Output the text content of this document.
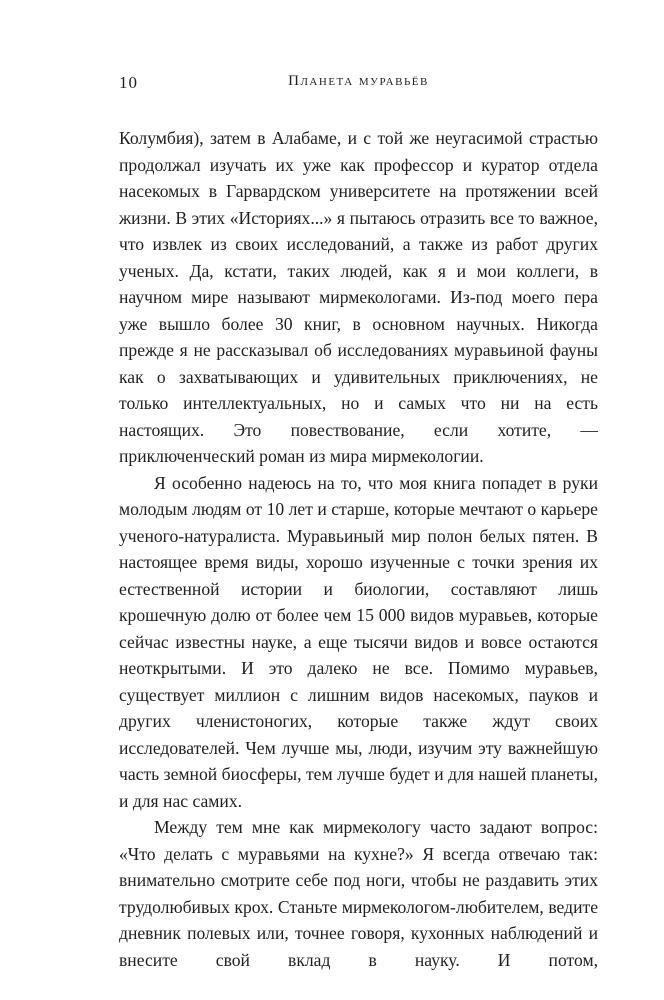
10	Планета муравьёв

Колумбия), затем в Алабаме, и с той же неугасимой страстью продолжал изучать их уже как профессор и куратор отдела насекомых в Гарвардском университете на протяжении всей жизни. В этих «Историях...» я пытаюсь отразить все то важное, что извлек из своих исследований, а также из работ других ученых. Да, кстати, таких людей, как я и мои коллеги, в научном мире называют мирмекологами. Из-под моего пера уже вышло более 30 книг, в основном научных. Никогда прежде я не рассказывал об исследованиях муравьиной фауны как о захватывающих и удивительных приключениях, не только интеллектуальных, но и самых что ни на есть настоящих. Это повествование, если хотите, — приключенческий роман из мира мирмекологии.

Я особенно надеюсь на то, что моя книга попадет в руки молодым людям от 10 лет и старше, которые мечтают о карьере ученого-натуралиста. Муравьиный мир полон белых пятен. В настоящее время виды, хорошо изученные с точки зрения их естественной истории и биологии, составляют лишь крошечную долю от более чем 15 000 видов муравьев, которые сейчас известны науке, а еще тысячи видов и вовсе остаются неоткрытыми. И это далеко не все. Помимо муравьев, существует миллион с лишним видов насекомых, пауков и других членистоногих, которые также ждут своих исследователей. Чем лучше мы, люди, изучим эту важнейшую часть земной биосферы, тем лучше будет и для нашей планеты, и для нас самих.

Между тем мне как мирмекологу часто задают вопрос: «Что делать с муравьями на кухне?» Я всегда отвечаю так: внимательно смотрите себе под ноги, чтобы не раздавить этих трудолюбивых крох. Станьте мирмекологом-любителем, ведите дневник полевых или, точнее говоря, кухонных наблюдений и внесите свой вклад в науку. И потом,
